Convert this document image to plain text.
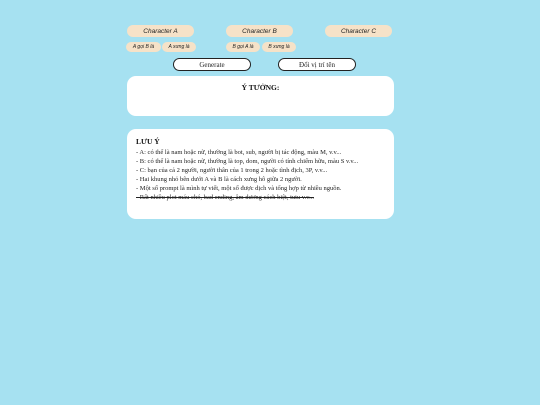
Character A	Character B	Character C
A gọi B là	A xưng là	B gọi A là	B xưng là
Generate	Đổi vị trí tên
Ý TƯỞNG:
LƯU Ý

- A: có thể là nam hoặc nữ, thường là bot, sub, người bị tác động, màu M, v.v...

- B: có thể là nam hoặc nữ, thường là top, dom, người có tính chiếm hữu, màu S v.v...

- C: bạn của cả 2 người, người thân của 1 trong 2 hoặc tình địch, 3P, v.v...

- Hai khung nhỏ bên dưới A và B là cách xưng hô giữa 2 người.

- Một số prompt là mình tự viết, một số được dịch và tổng hợp từ nhiều nguồn.

- Rất nhiều plot máu chó, bad ending, âm dương cách biệt, tutu v.v...
